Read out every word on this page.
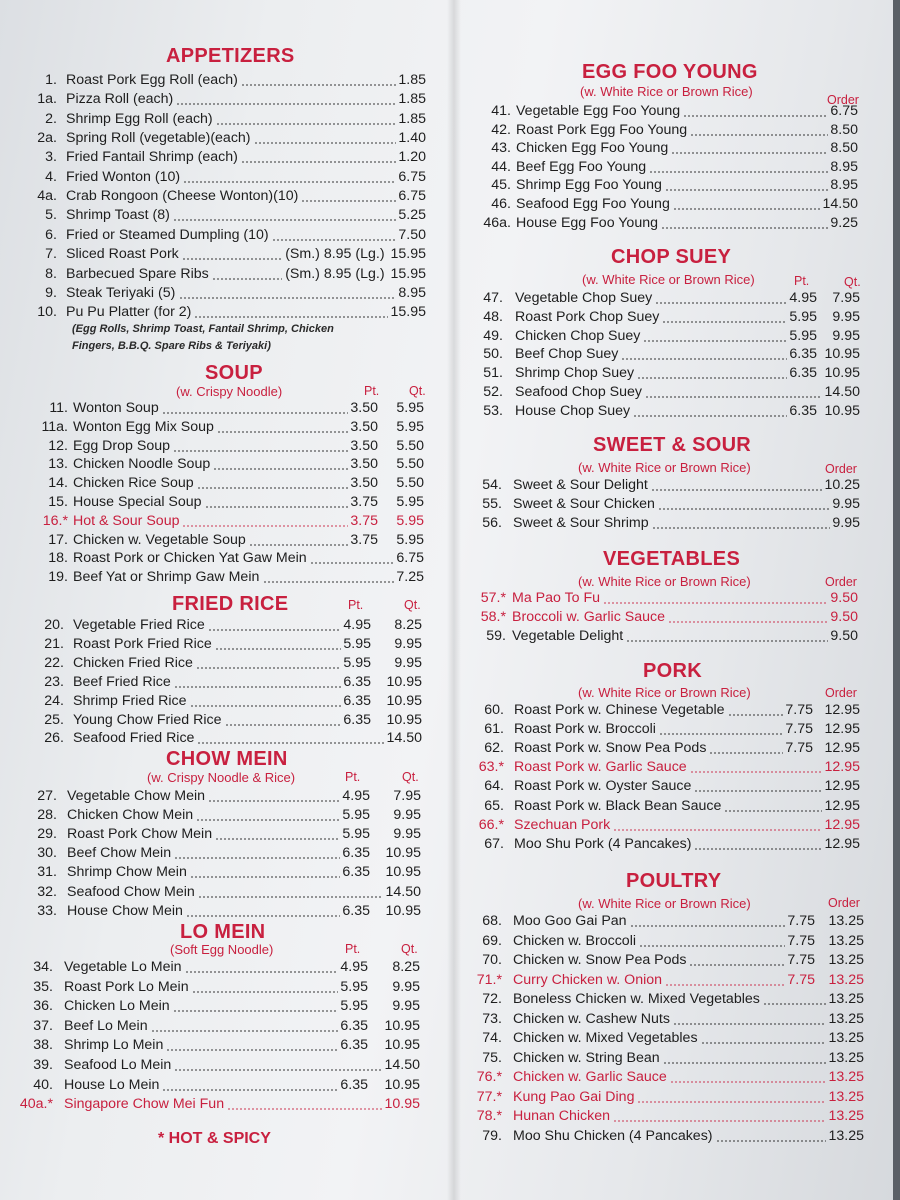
APPETIZERS
1. Roast Pork Egg Roll (each)	1.85
1a. Pizza Roll (each)	1.85
2. Shrimp Egg Roll (each)	1.85
2a. Spring Roll (vegetable)(each)	1.40
3. Fried Fantail Shrimp (each)	1.20
4. Fried Wonton (10)	6.75
4a. Crab Rongoon (Cheese Wonton)(10)	6.75
5. Shrimp Toast (8)	5.25
6. Fried or Steamed Dumpling (10)	7.50
7. Sliced Roast Pork	(Sm.) 8.95 (Lg.) 15.95
8. Barbecued Spare Ribs	(Sm.) 8.95 (Lg.) 15.95
9. Steak Teriyaki (5)	8.95
10. Pu Pu Platter (for 2)	15.95
(Egg Rolls, Shrimp Toast, Fantail Shrimp, Chicken
Fingers, B.B.Q. Spare Ribs & Teriyaki)
SOUP
(w. Crispy Noodle)
11. Wonton Soup	3.50 5.95
11a. Wonton Egg Mix Soup	3.50 5.95
12. Egg Drop Soup	3.50 5.50
13. Chicken Noodle Soup	3.50 5.50
14. Chicken Rice Soup	3.50 5.50
15. House Special Soup	3.75 5.95
16.* Hot & Sour Soup	3.75 5.95
17. Chicken w. Vegetable Soup	3.75 5.95
18. Roast Pork or Chicken Yat Gaw Mein	6.75
19. Beef Yat or Shrimp Gaw Mein	7.25
FRIED RICE	Pt.	Qt.
20. Vegetable Fried Rice	4.95 8.25
21. Roast Pork Fried Rice	5.95 9.95
22. Chicken Fried Rice	5.95 9.95
23. Beef Fried Rice	6.35 10.95
24. Shrimp Fried Rice	6.35 10.95
25. Young Chow Fried Rice	6.35 10.95
26. Seafood Fried Rice	14.50
CHOW MEIN
(w. Crispy Noodle & Rice)	Pt.	Qt.
27. Vegetable Chow Mein	4.95 7.95
28. Chicken Chow Mein	5.95 9.95
29. Roast Pork Chow Mein	5.95 9.95
30. Beef Chow Mein	6.35 10.95
31. Shrimp Chow Mein	6.35 10.95
32. Seafood Chow Mein	14.50
33. House Chow Mein	6.35 10.95
LO MEIN
(Soft Egg Noodle)	Pt.	Qt.
34. Vegetable Lo Mein	4.95 8.25
35. Roast Pork Lo Mein	5.95 9.95
36. Chicken Lo Mein	5.95 9.95
37. Beef Lo Mein	6.35 10.95
38. Shrimp Lo Mein	6.35 10.95
39. Seafood Lo Mein	14.50
40. House Lo Mein	6.35 10.95
40a.* Singapore Chow Mei Fun	10.95
* HOT & SPICY
Pt. Qt.
EGG FOO YOUNG
(w. White Rice or Brown Rice)
Order
41. Vegetable Egg Foo Young	6.75
42. Roast Pork Egg Foo Young	8.50
43. Chicken Egg Foo Young	8.50
44. Beef Egg Foo Young	8.95
45. Shrimp Egg Foo Young	8.95
46. Seafood Egg Foo Young	14.50
46a. House Egg Foo Young	9.25
CHOP SUEY
(w. White Rice or Brown Rice)	Pt.	Qt.
47. Vegetable Chop Suey	4.95 7.95
48. Roast Pork Chop Suey	5.95 9.95
49. Chicken Chop Suey	5.95 9.95
50. Beef Chop Suey	6.35 10.95
51. Shrimp Chop Suey	6.35 10.95
52. Seafood Chop Suey	14.50
53. House Chop Suey	6.35 10.95
SWEET & SOUR
(w. White Rice or Brown Rice)	Order
54. Sweet & Sour Delight	10.25
55. Sweet & Sour Chicken	9.95
56. Sweet & Sour Shrimp	9.95
VEGETABLES
(w. White Rice or Brown Rice)	Order
57.* Ma Pao To Fu	9.50
58.* Broccoli w. Garlic Sauce	9.50
59. Vegetable Delight	9.50
PORK
(w. White Rice or Brown Rice)	Order
60. Roast Pork w. Chinese Vegetable	7.75 12.95
61. Roast Pork w. Broccoli	7.75 12.95
62. Roast Pork w. Snow Pea Pods	7.75 12.95
63.* Roast Pork w. Garlic Sauce	12.95
64. Roast Pork w. Oyster Sauce	12.95
65. Roast Pork w. Black Bean Sauce	12.95
66.* Szechuan Pork	12.95
67. Moo Shu Pork (4 Pancakes)	12.95
POULTRY
(w. White Rice or Brown Rice)	Order
68. Moo Goo Gai Pan	7.75 13.25
69. Chicken w. Broccoli	7.75 13.25
70. Chicken w. Snow Pea Pods	7.75 13.25
71.* Curry Chicken w. Onion	7.75 13.25
72. Boneless Chicken w. Mixed Vegetables	13.25
73. Chicken w. Cashew Nuts	13.25
74. Chicken w. Mixed Vegetables	13.25
75. Chicken w. String Bean	13.25
76.* Chicken w. Garlic Sauce	13.25
77.* Kung Pao Gai Ding	13.25
78.* Hunan Chicken	13.25
79. Moo Shu Chicken (4 Pancakes)	13.25
